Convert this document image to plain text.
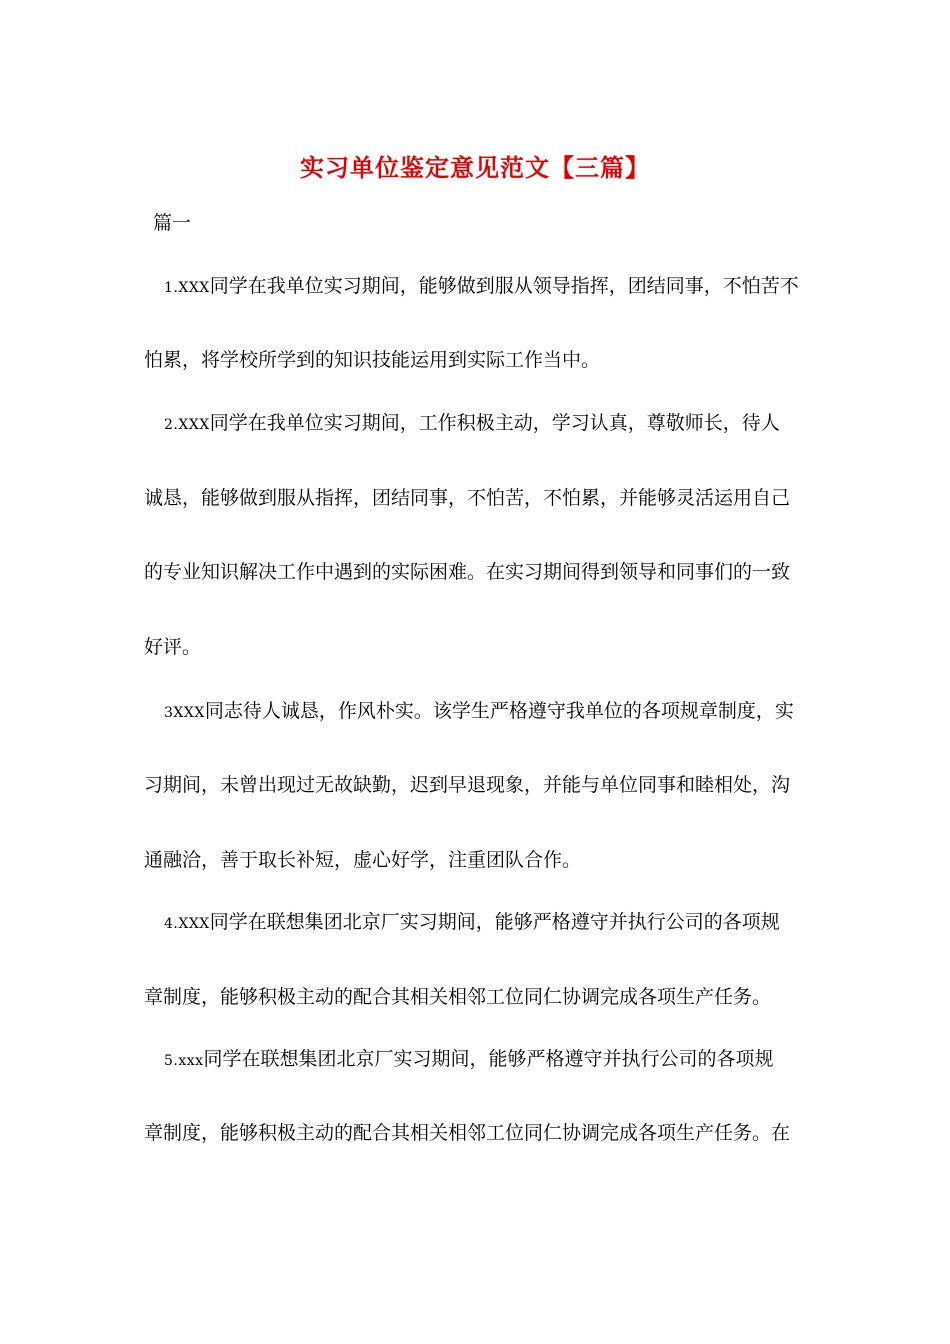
实习单位鉴定意见范文【三篇】
篇一
1.XXX同学在我单位实习期间，能够做到服从领导指挥，团结同事，不怕苦不
怕累，将学校所学到的知识技能运用到实际工作当中。
2.XXX同学在我单位实习期间，工作积极主动，学习认真，尊敬师长，待人
诚恳，能够做到服从指挥，团结同事，不怕苦，不怕累，并能够灵活运用自己
的专业知识解决工作中遇到的实际困难。在实习期间得到领导和同事们的一致
好评。
3XXX同志待人诚恳，作风朴实。该学生严格遵守我单位的各项规章制度，实
习期间，未曾出现过无故缺勤，迟到早退现象，并能与单位同事和睦相处，沟
通融洽，善于取长补短，虚心好学，注重团队合作。
4.XXX同学在联想集团北京厂实习期间，能够严格遵守并执行公司的各项规
章制度，能够积极主动的配合其相关相邻工位同仁协调完成各项生产任务。
5.xxx同学在联想集团北京厂实习期间，能够严格遵守并执行公司的各项规
章制度，能够积极主动的配合其相关相邻工位同仁协调完成各项生产任务。在
